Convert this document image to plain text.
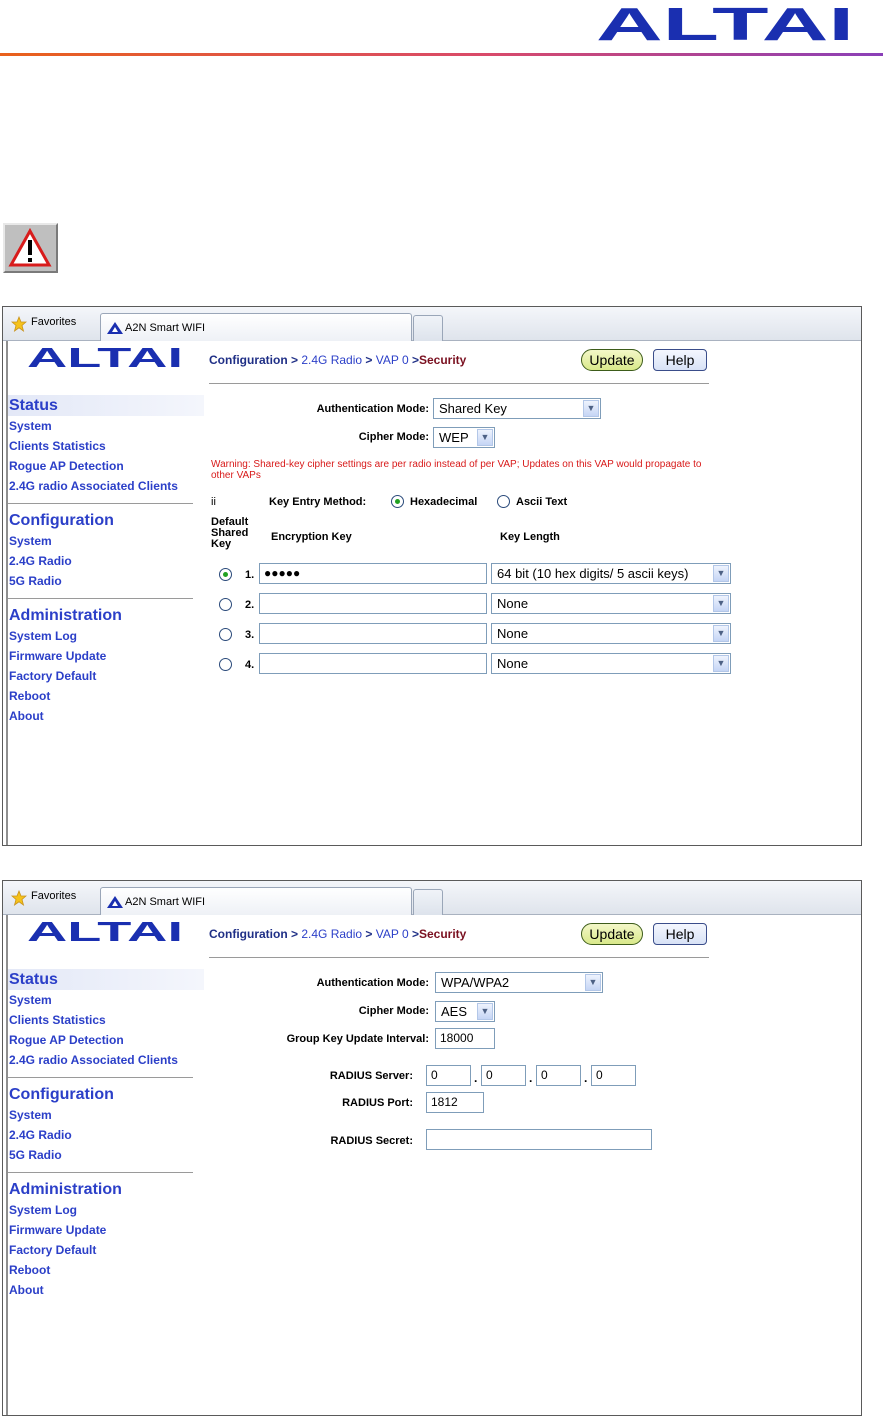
ALTAI
Favorites	A2N Smart WIFI
ALTAI
Status
System
Clients Statistics
Rogue AP Detection
2.4G radio Associated Clients
Configuration
System
2.4G Radio
5G Radio
Administration
System Log
Firmware Update
Factory Default
Reboot
About
Configuration > 2.4G Radio > VAP 0 >Security	Update	Help
Authentication Mode: Shared Key	▼
Cipher Mode: WEP	▼
Warning: Shared-key cipher settings are per radio instead of per VAP; Updates on this VAP would propagate to other VAPs
ii	Key Entry Method:	Hexadecimal	Ascii Text
Default Shared Key
Encryption Key	Key Length
1. ●●●●●	64 bit (10 hex digits/ 5 ascii keys)	▼
2.	None	▼
3.	None	▼
4.	None	▼
Favorites	A2N Smart WIFI
ALTAI
Status
System
Clients Statistics
Rogue AP Detection
2.4G radio Associated Clients
Configuration
System
2.4G Radio
5G Radio
Administration
System Log
Firmware Update
Factory Default
Reboot
About
Configuration > 2.4G Radio > VAP 0 >Security	Update	Help
Authentication Mode: WPA/WPA2	▼
Cipher Mode: AES	▼
Group Key Update Interval: 18000
RADIUS Server:	0	. 0	. 0	. 0
RADIUS Port:	1812
RADIUS Secret:
